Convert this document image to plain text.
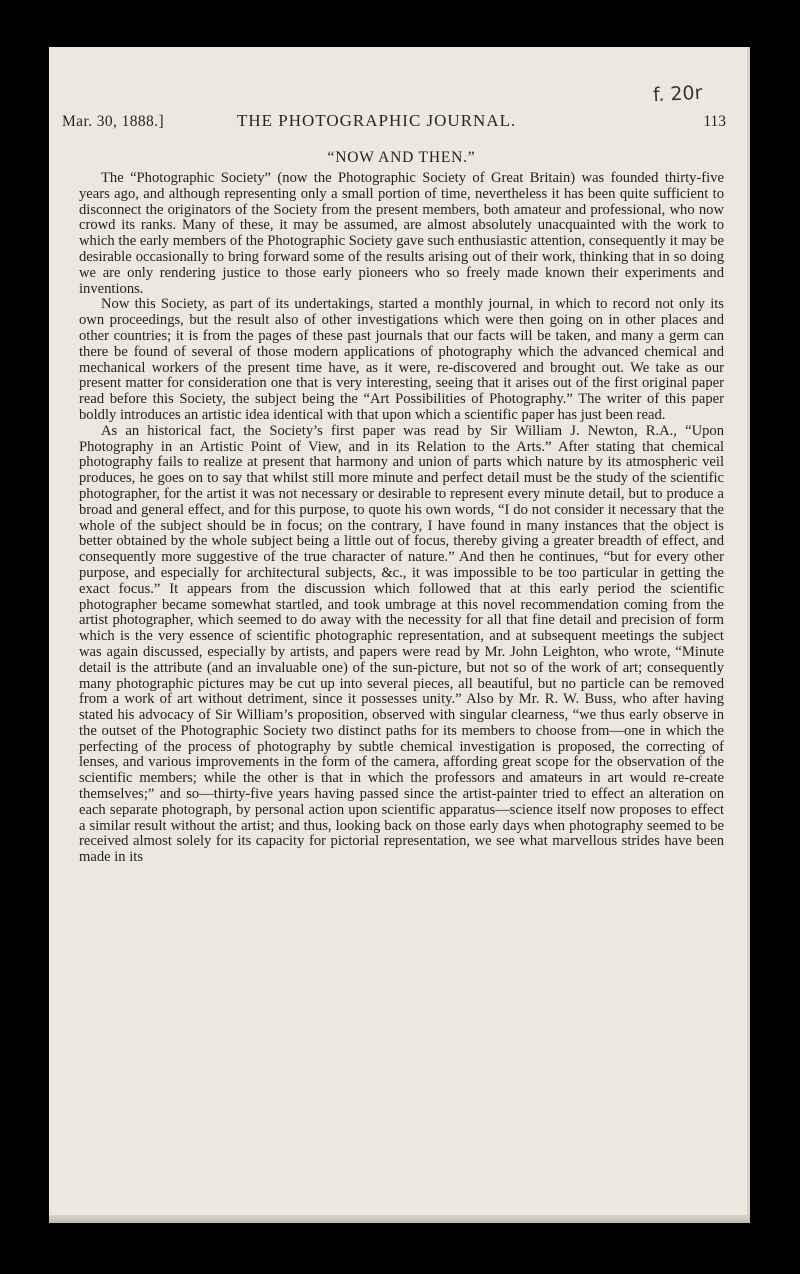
f. 20r
Mar. 30, 1888.]	THE PHOTOGRAPHIC JOURNAL.	113
“NOW AND THEN.”

The “Photographic Society” (now the Photographic Society of Great Britain) was founded thirty-five years ago, and although representing only a small portion of time, nevertheless it has been quite sufficient to disconnect the originators of the Society from the present members, both amateur and professional, who now crowd its ranks. Many of these, it may be assumed, are almost absolutely unacquainted with the work to which the early members of the Photographic Society gave such enthusiastic attention, consequently it may be desirable occasionally to bring forward some of the results arising out of their work, thinking that in so doing we are only rendering justice to those early pioneers who so freely made known their experiments and inventions.

Now this Society, as part of its undertakings, started a monthly journal, in which to record not only its own proceedings, but the result also of other investigations which were then going on in other places and other countries; it is from the pages of these past journals that our facts will be taken, and many a germ can there be found of several of those modern applications of photography which the advanced chemical and mechanical workers of the present time have, as it were, re-discovered and brought out. We take as our present matter for consideration one that is very interesting, seeing that it arises out of the first original paper read before this Society, the subject being the “Art Possibilities of Photography.” The writer of this paper boldly introduces an artistic idea identical with that upon which a scientific paper has just been read.

As an historical fact, the Society’s first paper was read by Sir William J. Newton, R.A., “Upon Photography in an Artistic Point of View, and in its Relation to the Arts.” After stating that chemical photography fails to realize at present that harmony and union of parts which nature by its atmospheric veil produces, he goes on to say that whilst still more minute and perfect detail must be the study of the scientific photographer, for the artist it was not necessary or desirable to represent every minute detail, but to produce a broad and general effect, and for this purpose, to quote his own words, “I do not consider it necessary that the whole of the subject should be in focus; on the contrary, I have found in many instances that the object is better obtained by the whole subject being a little out of focus, thereby giving a greater breadth of effect, and consequently more suggestive of the true character of nature.” And then he continues, “but for every other purpose, and especially for architectural subjects, &c., it was impossible to be too particular in getting the exact focus.” It appears from the discussion which followed that at this early period the scientific photographer became somewhat startled, and took umbrage at this novel recommendation coming from the artist photographer, which seemed to do away with the necessity for all that fine detail and precision of form which is the very essence of scientific photographic representation, and at subsequent meetings the subject was again discussed, especially by artists, and papers were read by Mr. John Leighton, who wrote, “Minute detail is the attribute (and an invaluable one) of the sun-picture, but not so of the work of art; consequently many photographic pictures may be cut up into several pieces, all beautiful, but no particle can be removed from a work of art without detriment, since it possesses unity.” Also by Mr. R. W. Buss, who after having stated his advocacy of Sir William’s proposition, observed with singular clearness, “we thus early observe in the outset of the Photographic Society two distinct paths for its members to choose from—one in which the perfecting of the process of photography by subtle chemical investigation is proposed, the correcting of lenses, and various improvements in the form of the camera, affording great scope for the observation of the scientific members; while the other is that in which the professors and amateurs in art would re-create themselves;” and so—thirty-five years having passed since the artist-painter tried to effect an alteration on each separate photograph, by personal action upon scientific apparatus—science itself now proposes to effect a similar result without the artist; and thus, looking back on those early days when photography seemed to be received almost solely for its capacity for pictorial representation, we see what marvellous strides have been made in its
